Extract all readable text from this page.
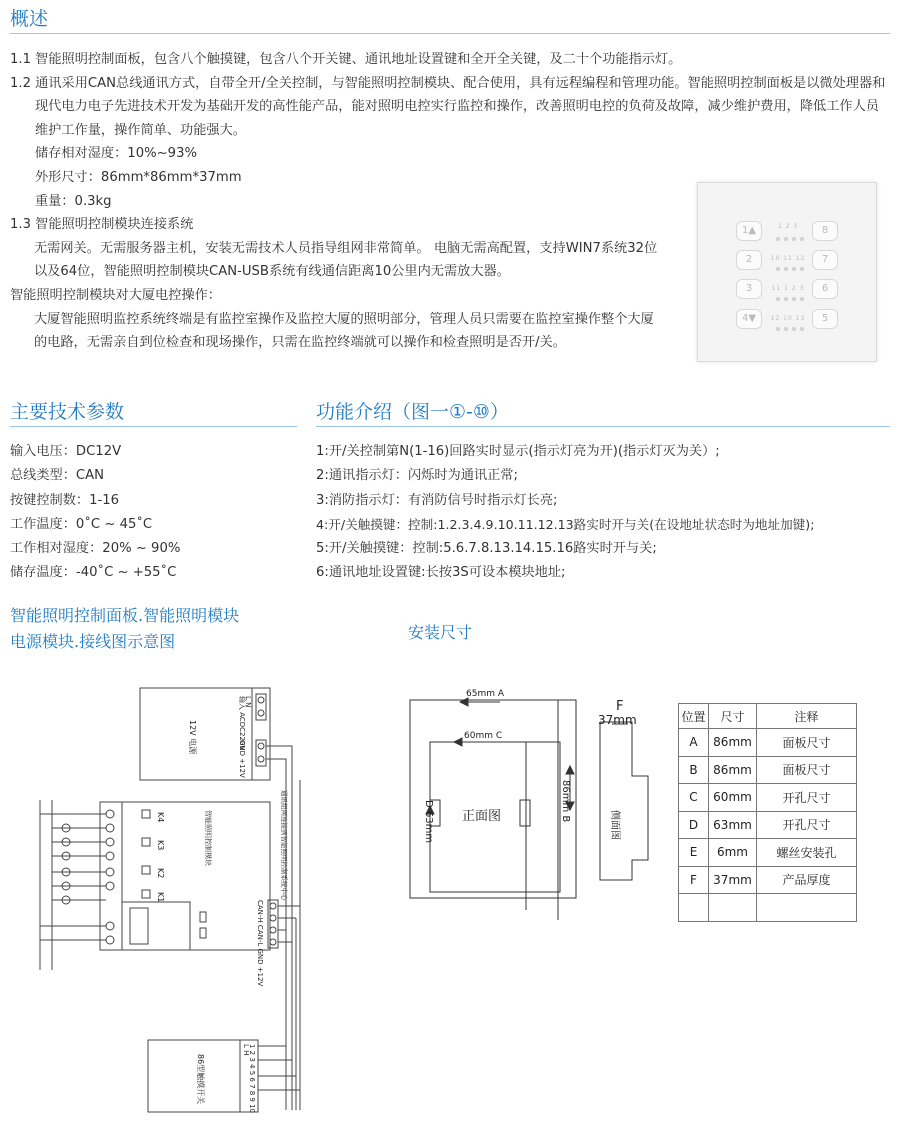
概述

1.1 智能照明控制面板，包含八个触摸键，包含八个开关键、通讯地址设置键和全开全关键，及二十个功能指示灯。

1.2 通讯采用CAN总线通讯方式，自带全开/全关控制，与智能照明控制模块、配合使用，具有远程编程和管理功能。智能照明控制面板是以微处理器和现代电力电子先进技术开发为基础开发的高性能产品，能对照明电控实行监控和操作，改善照明电控的负荷及故障，减少维护费用，降低工作人员维护工作量，操作简单、功能强大。

储存相对湿度：10%~93%

外形尺寸：86mm*86mm*37mm

重量：0.3kg

1.3 智能照明控制模块连接系统

无需网关。无需服务器主机，安装无需技术人员指导组网非常简单。 电脑无需高配置，支持WIN7系统32位以及64位，智能照明控制模块CAN-USB系统有线通信距离10公里内无需放大器。

智能照明控制模块对大厦电控操作：

大厦智能照明监控系统终端是有监控室操作及监控大厦的照明部分，管理人员只需要在监控室操作整个大厦的电路，无需亲自到位检查和现场操作，只需在监控终端就可以操作和检查照明是否开/关。

1▲
2
3
4▼
8
7
6
5
1 2 3
10 11 12
11 1 2 3
12 10 13
主要技术参数	功能介绍（图一①-⑩）
输入电压：DC12V
总线类型：CAN
按键控制数：1-16
工作温度：0˚C ~ 45˚C
工作相对湿度：20% ~ 90%
储存温度：-40˚C ~ +55˚C
1:开/关控制第N(1-16)回路实时显示(指示灯亮为开)(指示灯灭为关）;
2:通讯指示灯：闪烁时为通讯正常;
3:消防指示灯：有消防信号时指示灯长亮;
4:开/关触摸键：控制:1.2.3.4.9.10.11.12.13路实时开与关(在设地址状态时为地址加键);
5:开/关触摸键：控制:5.6.7.8.13.14.15.16路实时开与关;
6:通讯地址设置键:长按3S可设本模块地址;
智能照明控制面板.智能照明模块
电源模块.接线图示意图
12V 电源	输入 ACDC220V
L N
GND +12V
智能照明控制模块
K4
K3
K2
K1
CAN-H CAN-L GND +12V
通讯组网连接到智能照明控制系统中心
86型触摸开关	1 2 3 4 5 6 7 8 9 10
L H
安装尺寸
65mm A
60mm C
86mm B
D 63mm 正面图	侧面图
F
37mm	位置	尺寸	注释
A	86mm	面板尺寸
B	86mm	面板尺寸
C	60mm	开孔尺寸
D	63mm	开孔尺寸
E	6mm	螺丝安装孔
F	37mm	产品厚度
